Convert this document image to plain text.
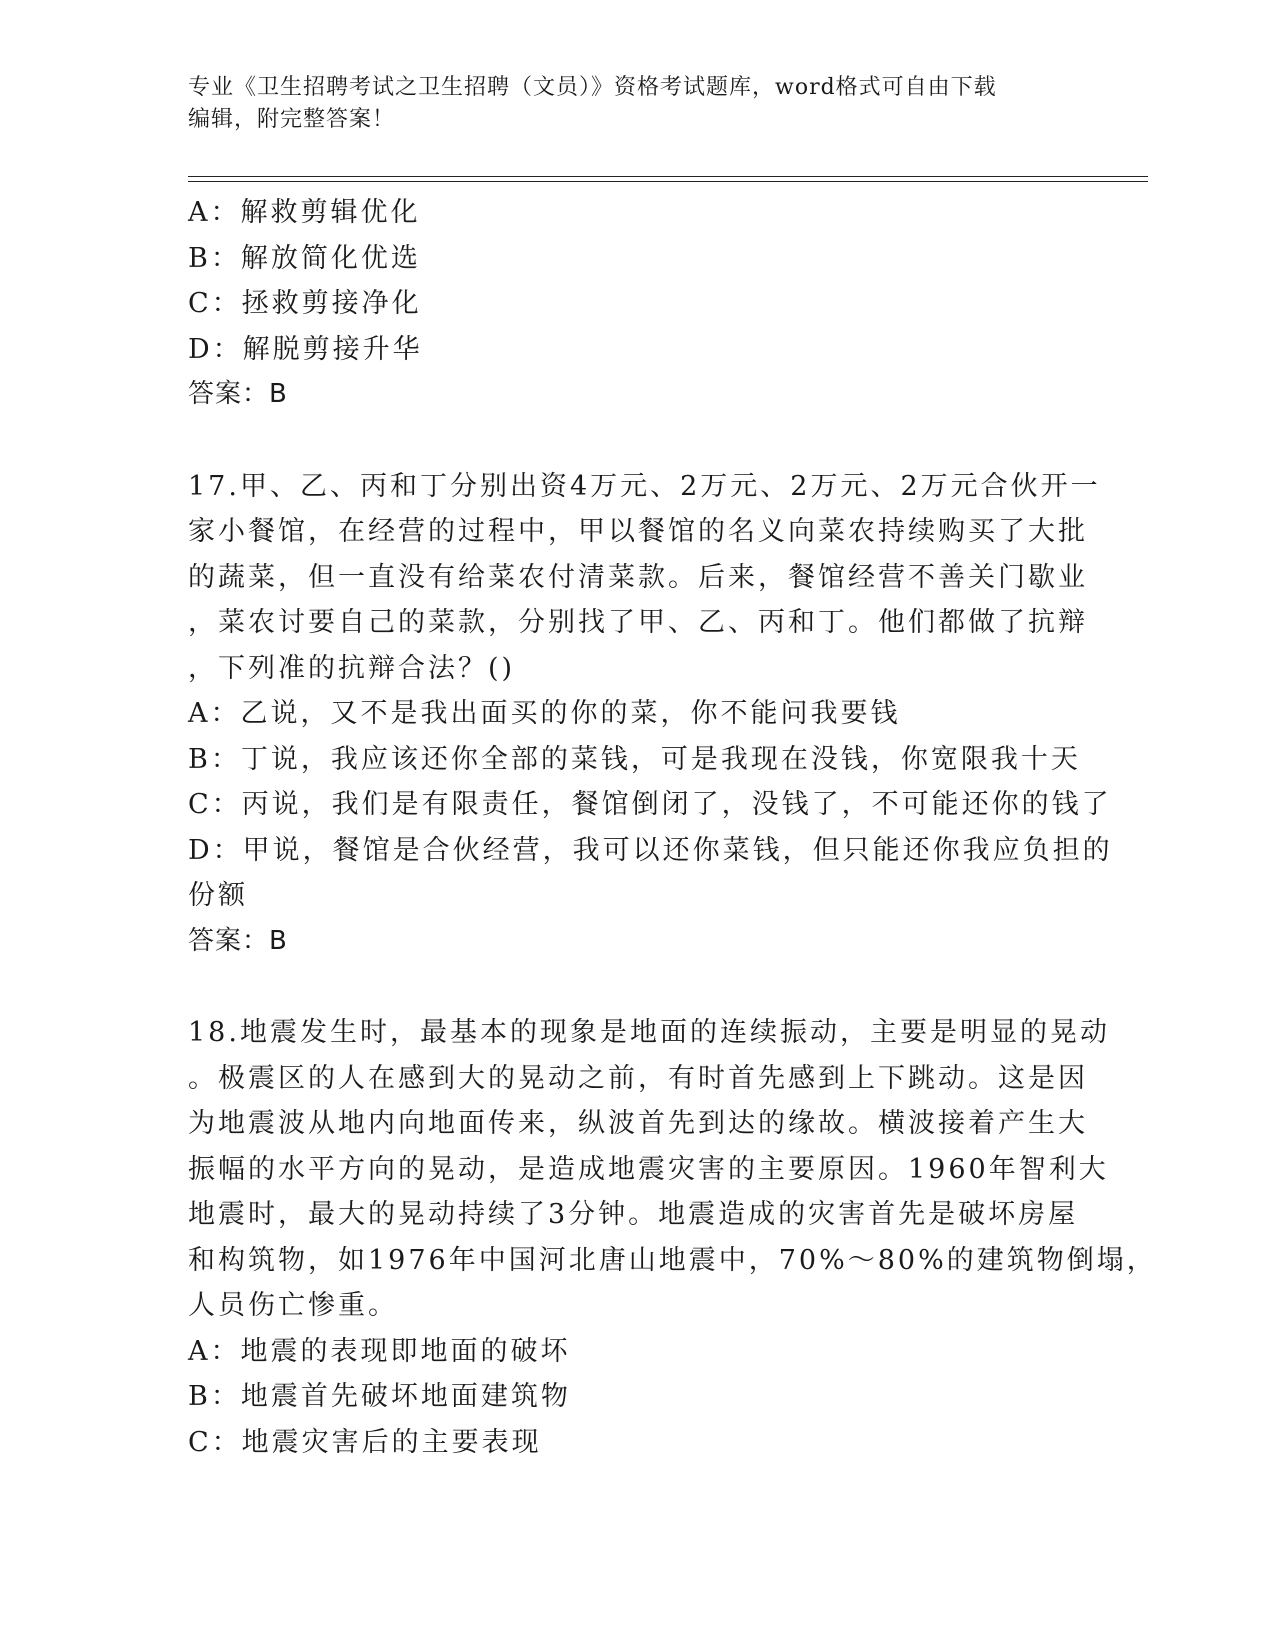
专业《卫生招聘考试之卫生招聘（文员）》资格考试题库，word格式可自由下载
编辑，附完整答案！
A：解救剪辑优化
B：解放简化优选
C：拯救剪接净化
D：解脱剪接升华
答案：B
17.甲、乙、丙和丁分别出资4万元、2万元、2万元、2万元合伙开一
家小餐馆，在经营的过程中，甲以餐馆的名义向菜农持续购买了大批
的蔬菜，但一直没有给菜农付清菜款。后来，餐馆经营不善关门歇业
，菜农讨要自己的菜款，分别找了甲、乙、丙和丁。他们都做了抗辩
，下列准的抗辩合法？()
A：乙说，又不是我出面买的你的菜，你不能问我要钱
B：丁说，我应该还你全部的菜钱，可是我现在没钱，你宽限我十天
C：丙说，我们是有限责任，餐馆倒闭了，没钱了，不可能还你的钱了
D：甲说，餐馆是合伙经营，我可以还你菜钱，但只能还你我应负担的
份额
答案：B
18.地震发生时，最基本的现象是地面的连续振动，主要是明显的晃动
。极震区的人在感到大的晃动之前，有时首先感到上下跳动。这是因
为地震波从地内向地面传来，纵波首先到达的缘故。横波接着产生大
振幅的水平方向的晃动，是造成地震灾害的主要原因。1960年智利大
地震时，最大的晃动持续了3分钟。地震造成的灾害首先是破坏房屋
和构筑物，如1976年中国河北唐山地震中，70%～80%的建筑物倒塌，
人员伤亡惨重。
A：地震的表现即地面的破坏
B：地震首先破坏地面建筑物
C：地震灾害后的主要表现
